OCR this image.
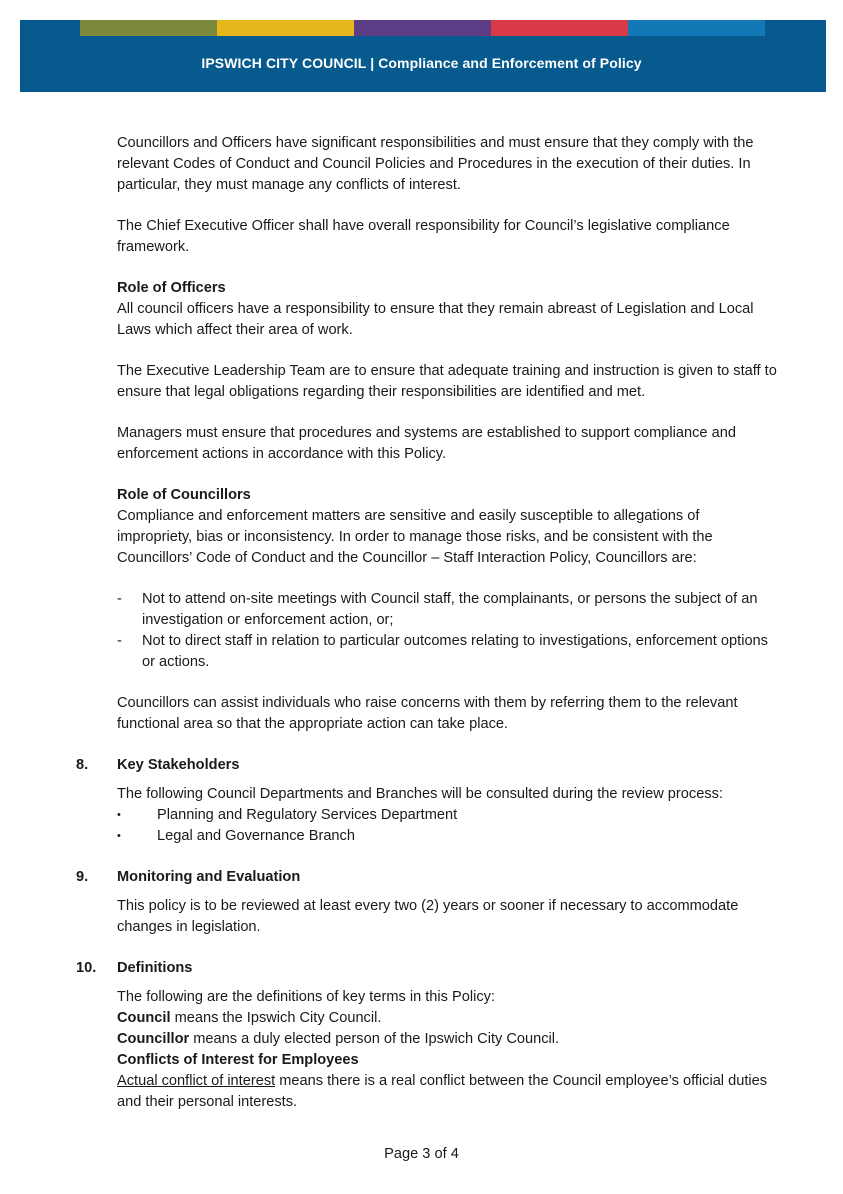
IPSWICH CITY COUNCIL | Compliance and Enforcement of Policy

Councillors and Officers have significant responsibilities and must ensure that they comply with the relevant Codes of Conduct and Council Policies and Procedures in the execution of their duties. In particular, they must manage any conflicts of interest.

The Chief Executive Officer shall have overall responsibility for Council’s legislative compliance framework.

Role of Officers

All council officers have a responsibility to ensure that they remain abreast of Legislation and Local Laws which affect their area of work.

The Executive Leadership Team are to ensure that adequate training and instruction is given to staff to ensure that legal obligations regarding their responsibilities are identified and met.

Managers must ensure that procedures and systems are established to support compliance and enforcement actions in accordance with this Policy.

Role of Councillors

Compliance and enforcement matters are sensitive and easily susceptible to allegations of impropriety, bias or inconsistency. In order to manage those risks, and be consistent with the Councillors’ Code of Conduct and the Councillor – Staff Interaction Policy, Councillors are:

- Not to attend on-site meetings with Council staff, the complainants, or persons the subject of an investigation or enforcement action, or;
- Not to direct staff in relation to particular outcomes relating to investigations, enforcement options or actions.

Councillors can assist individuals who raise concerns with them by referring them to the relevant functional area so that the appropriate action can take place.

8. Key Stakeholders

The following Council Departments and Branches will be consulted during the review process:

• Planning and Regulatory Services Department
• Legal and Governance Branch
9. Monitoring and Evaluation

This policy is to be reviewed at least every two (2) years or sooner if necessary to accommodate changes in legislation.

10. Definitions

The following are the definitions of key terms in this Policy:

Council means the Ipswich City Council.

Councillor means a duly elected person of the Ipswich City Council.

Conflicts of Interest for Employees

Actual conflict of interest means there is a real conflict between the Council employee’s official duties and their personal interests.

Page 3 of 4
